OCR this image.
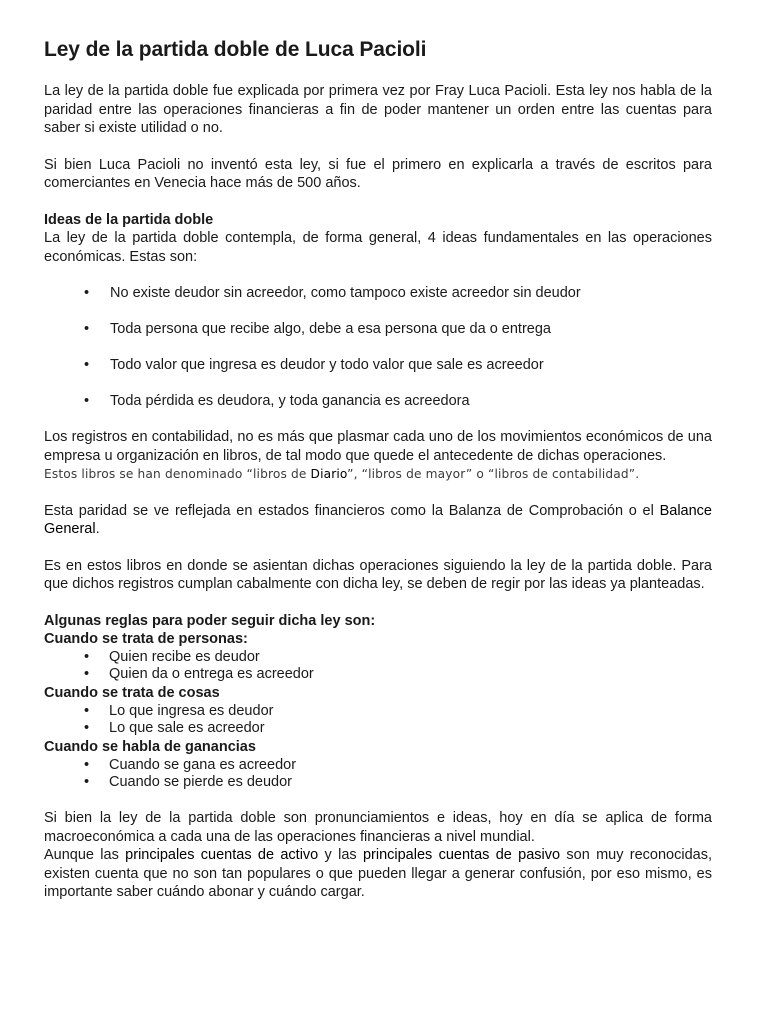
Ley de la partida doble de Luca Pacioli

La ley de la partida doble fue explicada por primera vez por Fray Luca Pacioli. Esta ley nos habla de la paridad entre las operaciones financieras a fin de poder mantener un orden entre las cuentas para saber si existe utilidad o no.

Si bien Luca Pacioli no inventó esta ley, si fue el primero en explicarla a través de escritos para comerciantes en Venecia hace más de 500 años.

Ideas de la partida doble

La ley de la partida doble contempla, de forma general, 4 ideas fundamentales en las operaciones económicas. Estas son:

• No existe deudor sin acreedor, como tampoco existe acreedor sin deudor
• Toda persona que recibe algo, debe a esa persona que da o entrega
• Todo valor que ingresa es deudor y todo valor que sale es acreedor
• Toda pérdida es deudora, y toda ganancia es acreedora

Los registros en contabilidad, no es más que plasmar cada uno de los movimientos económicos de una empresa u organización en libros, de tal modo que quede el antecedente de dichas operaciones.
Estos libros se han denominado “libros de Diario”, “libros de mayor” o “libros de contabilidad”.

Esta paridad se ve reflejada en estados financieros como la Balanza de Comprobación o el Balance General.

Es en estos libros en donde se asientan dichas operaciones siguiendo la ley de la partida doble. Para que dichos registros cumplan cabalmente con dicha ley, se deben de regir por las ideas ya planteadas.

Algunas reglas para poder seguir dicha ley son:
Cuando se trata de personas:
• Quien recibe es deudor
• Quien da o entrega es acreedor
Cuando se trata de cosas
• Lo que ingresa es deudor
• Lo que sale es acreedor
Cuando se habla de ganancias
• Cuando se gana es acreedor
• Cuando se pierde es deudor

Si bien la ley de la partida doble son pronunciamientos e ideas, hoy en día se aplica de forma macroeconómica a cada una de las operaciones financieras a nivel mundial.

Aunque las principales cuentas de activo y las principales cuentas de pasivo son muy reconocidas, existen cuenta que no son tan populares o que pueden llegar a generar confusión, por eso mismo, es importante saber cuándo abonar y cuándo cargar.
